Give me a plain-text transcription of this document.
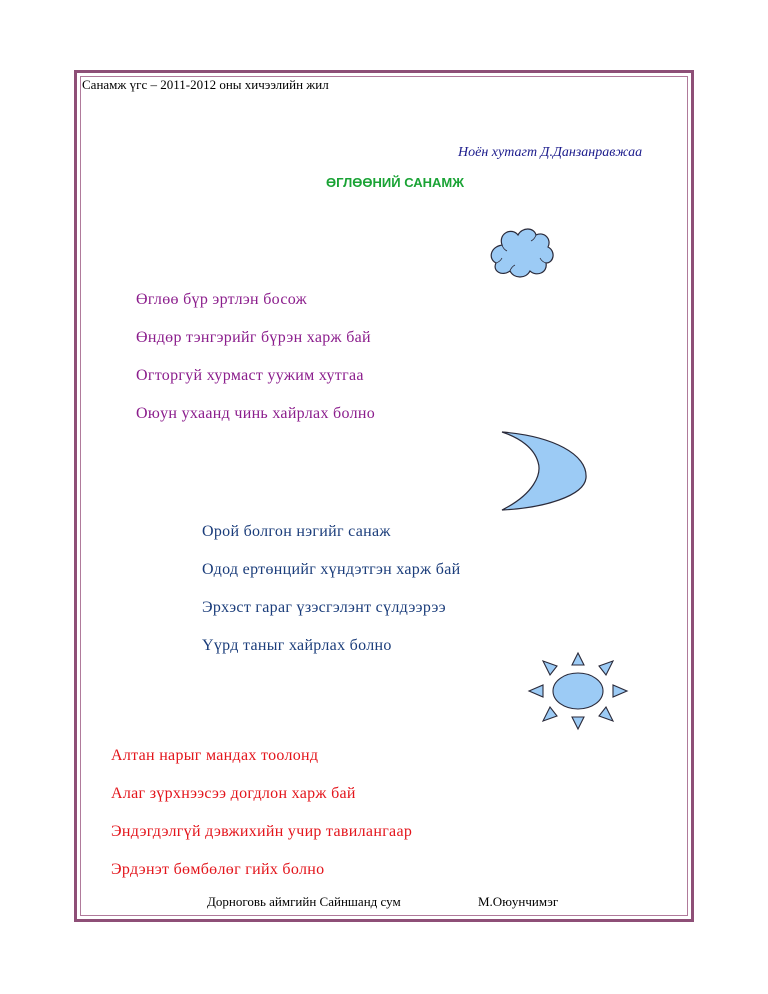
Санамж үгс – 2011-2012 оны хичээлийн жил
Ноён хутагт Д.Данзанравжаа
ӨГЛӨӨНИЙ САНАМЖ
Өглөө бүр эртлэн босож
Өндөр тэнгэрийг бүрэн харж бай
Огторгуй хурмаст уужим хутгаа
Оюун ухаанд чинь хайрлах болно
Орой болгон нэгийг санаж
Одод ертөнцийг хүндэтгэн харж бай
Эрхэст гараг үзэсгэлэнт сүлдээрээ
Үүрд таныг хайрлах болно
Алтан нарыг мандах тоолонд
Алаг зүрхнээсээ догдлон харж бай
Эндэгдэлгүй дэвжихийн учир тавилангаар
Эрдэнэт бөмбөлөг гийх болно
Дорноговь аймгийн Сайншанд сум	М.Оюунчимэг
